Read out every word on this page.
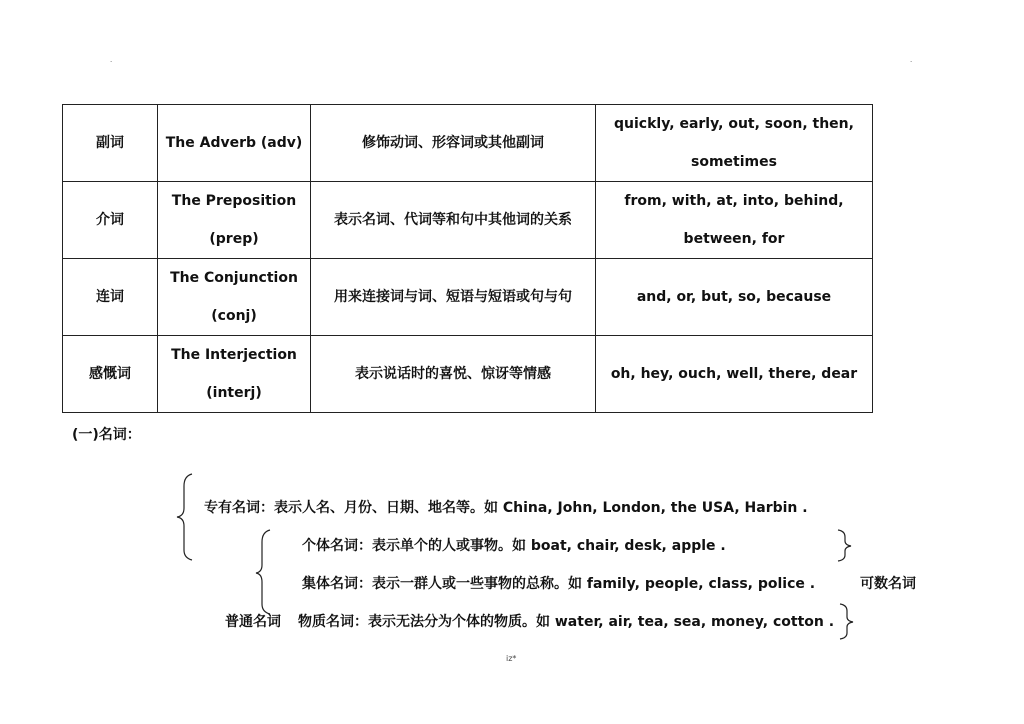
.	.
副词	The Adverb (adv)	修饰动词、形容词或其他副词	quickly, early, out, soon, then, sometimes
介词	The Preposition (prep)	表示名词、代词等和句中其他词的关系	from, with, at, into, behind, between, for
连词	The Conjunction (conj)	用来连接词与词、短语与短语或句与句	and, or, but, so, because
感慨词	The Interjection (interj)	表示说话时的喜悦、惊讶等情感	oh, hey, ouch, well, there, dear
(一)名词：
专有名词：表示人名、月份、日期、地名等。如 China, John, London, the USA, Harbin .
个体名词：表示单个的人或事物。如 boat, chair, desk, apple .
集体名词：表示一群人或一些事物的总称。如 family, people, class, police .	可数名词
普通名词 物质名词：表示无法分为个体的物质。如 water, air, tea, sea, money, cotton .
iz*
